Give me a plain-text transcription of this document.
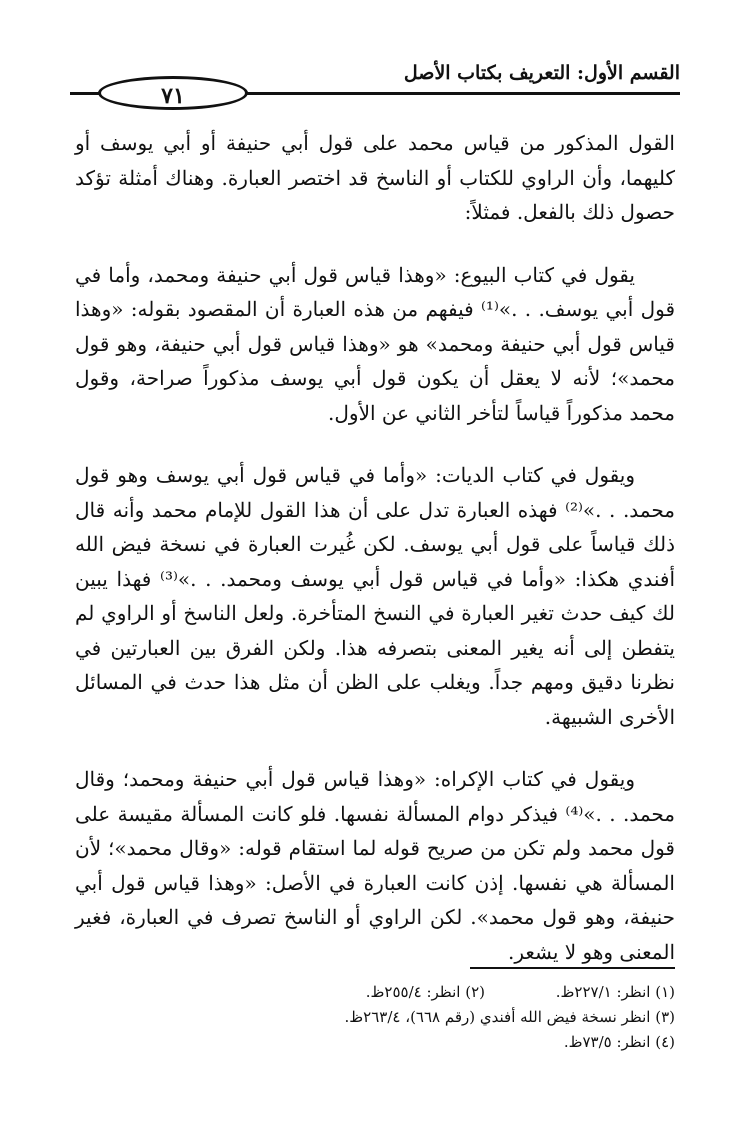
القسم الأول: التعريف بكتاب الأصل
٧١

القول المذكور من قياس محمد على قول أبي حنيفة أو أبي يوسف أو كليهما، وأن الراوي للكتاب أو الناسخ قد اختصر العبارة. وهناك أمثلة تؤكد حصول ذلك بالفعل. فمثلاً:

يقول في كتاب البيوع: «وهذا قياس قول أبي حنيفة ومحمد، وأما في قول أبي يوسف. . .»⁽¹⁾ فيفهم من هذه العبارة أن المقصود بقوله: «وهذا قياس قول أبي حنيفة ومحمد» هو «وهذا قياس قول أبي حنيفة، وهو قول محمد»؛ لأنه لا يعقل أن يكون قول أبي يوسف مذكوراً صراحة، وقول محمد مذكوراً قياساً لتأخر الثاني عن الأول.

ويقول في كتاب الديات: «وأما في قياس قول أبي يوسف وهو قول محمد. . .»⁽²⁾ فهذه العبارة تدل على أن هذا القول للإمام محمد وأنه قال ذلك قياساً على قول أبي يوسف. لكن غُيرت العبارة في نسخة فيض الله أفندي هكذا: «وأما في قياس قول أبي يوسف ومحمد. . .»⁽³⁾ فهذا يبين لك كيف حدث تغير العبارة في النسخ المتأخرة. ولعل الناسخ أو الراوي لم يتفطن إلى أنه يغير المعنى بتصرفه هذا. ولكن الفرق بين العبارتين في نظرنا دقيق ومهم جداً. ويغلب على الظن أن مثل هذا حدث في المسائل الأخرى الشبيهة.

ويقول في كتاب الإكراه: «وهذا قياس قول أبي حنيفة ومحمد؛ وقال محمد. . .»⁽⁴⁾ فيذكر دوام المسألة نفسها. فلو كانت المسألة مقيسة على قول محمد ولم تكن من صريح قوله لما استقام قوله: «وقال محمد»؛ لأن المسألة هي نفسها. إذن كانت العبارة في الأصل: «وهذا قياس قول أبي حنيفة، وهو قول محمد». لكن الراوي أو الناسخ تصرف في العبارة، فغير المعنى وهو لا يشعر.

(١) انظر: ٢٢٧/١ظ.
(٢) انظر: ٢٥٥/٤ظ.
(٣) انظر نسخة فيض الله أفندي (رقم ٦٦٨)، ٢٦٣/٤ظ.
(٤) انظر: ٧٣/٥ظ.
